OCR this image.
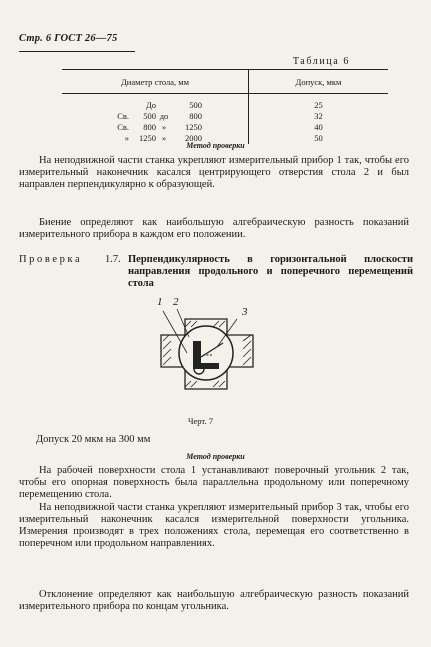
Стр. 6 ГОСТ 26—75
Таблица 6
Диаметр стола, мм	Допуск, мкм

До 500	25

Св. 500 до 800	32

Св. 800 » 1250	40

» 1250 » 2000	50
Метод проверки
На неподвижной части станка укрепляют измерительный прибор 1 так, чтобы его измерительный наконечник касался центрирующего отверстия стола 2 и был направлен перпендикулярно к образующей.
Биение определяют как наибольшую алгебраическую разность показаний измерительного прибора в каждом его положении.
Проверка 1.7. Перпендикулярность в горизонтальной плоскости направления продольного и поперечного перемещений стола
1 2
3
Черт. 7
Допуск 20 мкм на 300 мм
Метод проверки
На рабочей поверхности стола 1 устанавливают поверочный угольник 2 так, чтобы его опорная поверхность была параллельна продольному или поперечному перемещению стола.
На неподвижной части станка укрепляют измерительный прибор 3 так, чтобы его измерительный наконечник касался измерительной поверхности угольника. Измерения производят в трех положениях стола, перемещая его соответственно в поперечном или продольном направлениях.
Отклонение определяют как наибольшую алгебраическую разность показаний измерительного прибора по концам угольника.
